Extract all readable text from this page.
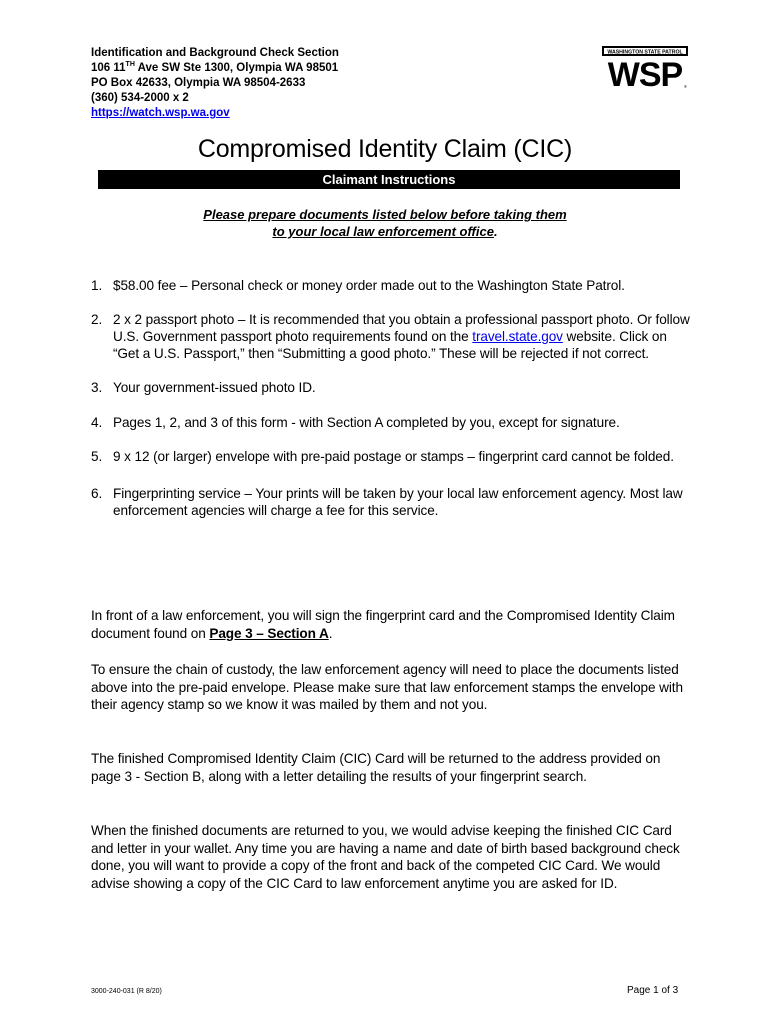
Identification and Background Check Section
106 11TH Ave SW Ste 1300, Olympia WA 98501
PO Box 42633, Olympia WA 98504-2633
(360) 534-2000 x 2
https://watch.wsp.wa.gov
WASHINGTON STATE PATROL
WSP ®
Compromised Identity Claim (CIC)
Claimant Instructions
Please prepare documents listed below before taking them
to your local law enforcement office.
1. $58.00 fee – Personal check or money order made out to the Washington State Patrol.
2. 2 x 2 passport photo – It is recommended that you obtain a professional passport photo. Or follow U.S. Government passport photo requirements found on the travel.state.gov website. Click on “Get a U.S. Passport,” then “Submitting a good photo.” These will be rejected if not correct.
3. Your government-issued photo ID.
4. Pages 1, 2, and 3 of this form - with Section A completed by you, except for signature.
5. 9 x 12 (or larger) envelope with pre-paid postage or stamps – fingerprint card cannot be folded.
6. Fingerprinting service – Your prints will be taken by your local law enforcement agency. Most law enforcement agencies will charge a fee for this service.

In front of a law enforcement, you will sign the fingerprint card and the Compromised Identity Claim document found on Page 3 – Section A.

To ensure the chain of custody, the law enforcement agency will need to place the documents listed above into the pre-paid envelope. Please make sure that law enforcement stamps the envelope with their agency stamp so we know it was mailed by them and not you.

The finished Compromised Identity Claim (CIC) Card will be returned to the address provided on page 3 - Section B, along with a letter detailing the results of your fingerprint search.

When the finished documents are returned to you, we would advise keeping the finished CIC Card and letter in your wallet. Any time you are having a name and date of birth based background check done, you will want to provide a copy of the front and back of the competed CIC Card. We would advise showing a copy of the CIC Card to law enforcement anytime you are asked for ID.

3000-240-031 (R 8/20)	Page 1 of 3
